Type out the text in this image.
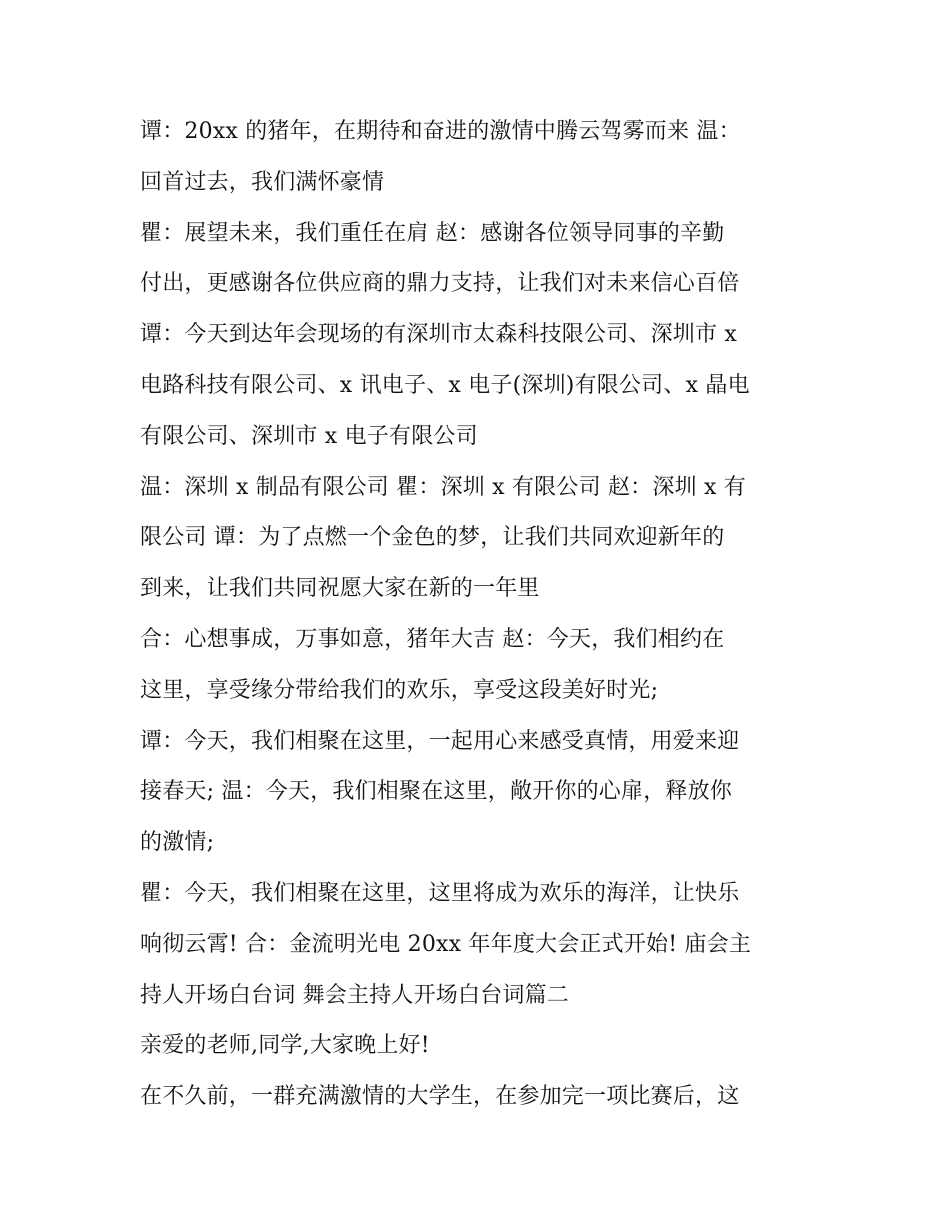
谭：20xx 的猪年，在期待和奋进的激情中腾云驾雾而来 温：
回首过去，我们满怀豪情
瞿：展望未来，我们重任在肩 赵：感谢各位领导同事的辛勤
付出，更感谢各位供应商的鼎力支持，让我们对未来信心百倍
谭：今天到达年会现场的有深圳市太森科技限公司、深圳市 x
电路科技有限公司、x 讯电子、x 电子(深圳)有限公司、x 晶电
有限公司、深圳市 x 电子有限公司
温：深圳 x 制品有限公司 瞿：深圳 x 有限公司 赵：深圳 x 有
限公司 谭：为了点燃一个金色的梦，让我们共同欢迎新年的
到来，让我们共同祝愿大家在新的一年里
合：心想事成，万事如意，猪年大吉 赵：今天，我们相约在
这里，享受缘分带给我们的欢乐，享受这段美好时光;
谭：今天，我们相聚在这里，一起用心来感受真情，用爱来迎
接春天; 温：今天，我们相聚在这里，敞开你的心扉，释放你
的激情;
瞿：今天，我们相聚在这里，这里将成为欢乐的海洋，让快乐
响彻云霄! 合：金流明光电 20xx 年年度大会正式开始! 庙会主
持人开场白台词 舞会主持人开场白台词篇二
亲爱的老师,同学,大家晚上好!
在不久前，一群充满激情的大学生，在参加完一项比赛后，这
